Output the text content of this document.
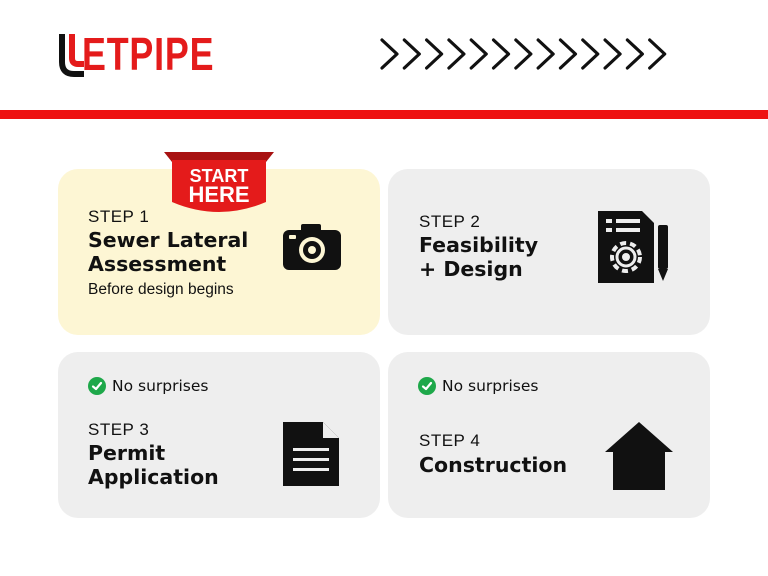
ETPIPE
STEP 1
Sewer Lateral
Assessment
Before design begins
START
HERE
STEP 2
Feasibility
+ Design
No surprises
STEP 3
Permit
Application
No surprises
STEP 4
Construction
